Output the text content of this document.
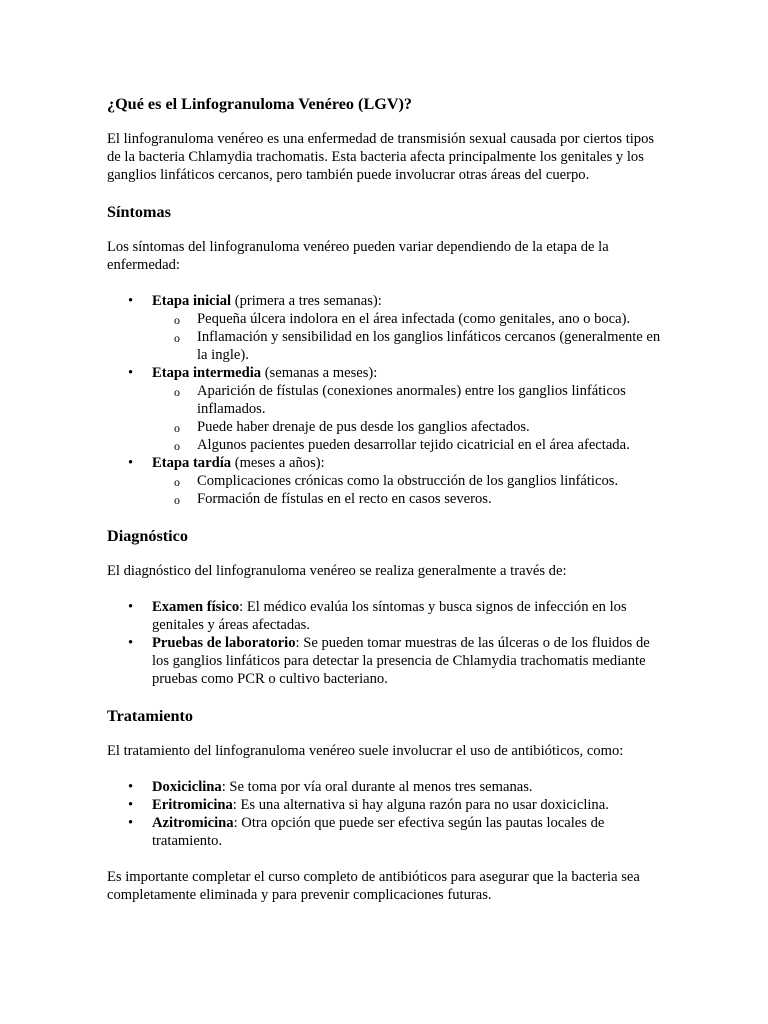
¿Qué es el Linfogranuloma Venéreo (LGV)?

El linfogranuloma venéreo es una enfermedad de transmisión sexual causada por ciertos tipos de la bacteria Chlamydia trachomatis. Esta bacteria afecta principalmente los genitales y los ganglios linfáticos cercanos, pero también puede involucrar otras áreas del cuerpo.

Síntomas

Los síntomas del linfogranuloma venéreo pueden variar dependiendo de la etapa de la enfermedad:

• Etapa inicial (primera a tres semanas):
o Pequeña úlcera indolora en el área infectada (como genitales, ano o boca).
o Inflamación y sensibilidad en los ganglios linfáticos cercanos (generalmente en la ingle).
• Etapa intermedia (semanas a meses):
o Aparición de fístulas (conexiones anormales) entre los ganglios linfáticos inflamados.
o Puede haber drenaje de pus desde los ganglios afectados.
o Algunos pacientes pueden desarrollar tejido cicatricial en el área afectada.
• Etapa tardía (meses a años):
o Complicaciones crónicas como la obstrucción de los ganglios linfáticos.
o Formación de fístulas en el recto en casos severos.
Diagnóstico

El diagnóstico del linfogranuloma venéreo se realiza generalmente a través de:

• Examen físico: El médico evalúa los síntomas y busca signos de infección en los genitales y áreas afectadas.
• Pruebas de laboratorio: Se pueden tomar muestras de las úlceras o de los fluidos de los ganglios linfáticos para detectar la presencia de Chlamydia trachomatis mediante pruebas como PCR o cultivo bacteriano.
Tratamiento

El tratamiento del linfogranuloma venéreo suele involucrar el uso de antibióticos, como:

• Doxiciclina: Se toma por vía oral durante al menos tres semanas.
• Eritromicina: Es una alternativa si hay alguna razón para no usar doxiciclina.
• Azitromicina: Otra opción que puede ser efectiva según las pautas locales de tratamiento.

Es importante completar el curso completo de antibióticos para asegurar que la bacteria sea completamente eliminada y para prevenir complicaciones futuras.
